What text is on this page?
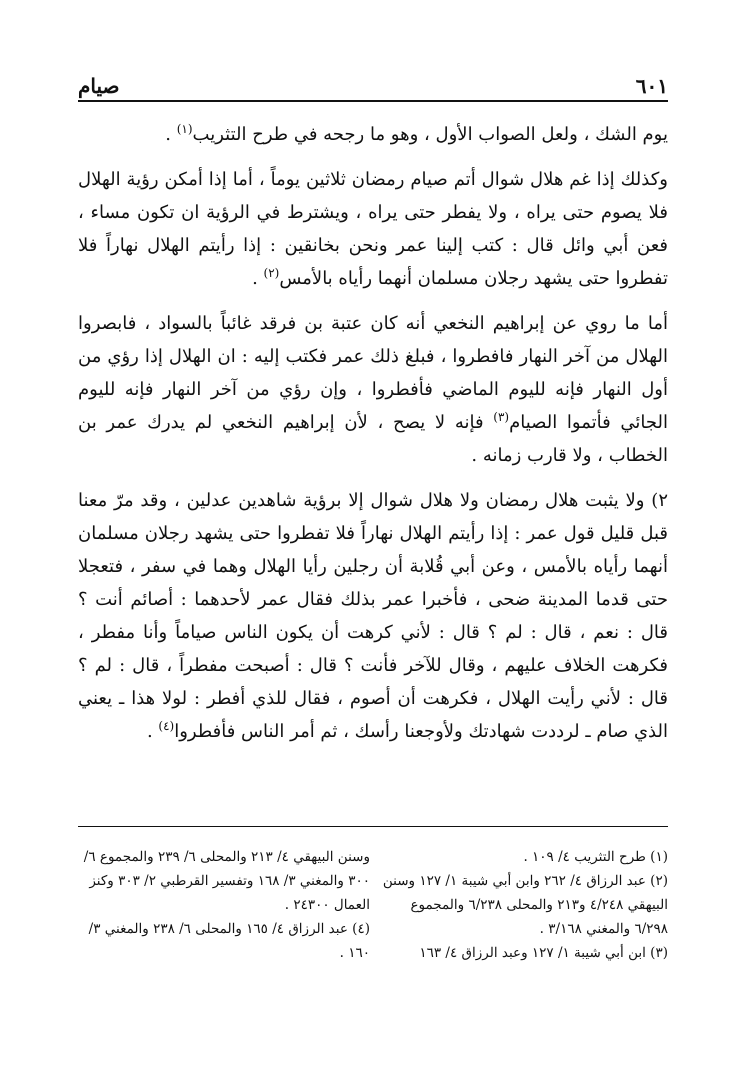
صيام	٦٠١

يوم الشك ، ولعل الصواب الأول ، وهو ما رجحه في طرح التثريب$^{(١)}$ .

وكذلك إذا غم هلال شوال أتم صيام رمضان ثلاثين يوماً ، أما إذا أمكن رؤية الهلال فلا يصوم حتى يراه ، ولا يفطر حتى يراه ، ويشترط في الرؤية ان تكون مساء ، فعن أبي وائل قال : كتب إلينا عمر ونحن بخانقين : إذا رأيتم الهلال نهاراً فلا تفطروا حتى يشهد رجلان مسلمان أنهما رأياه بالأمس$^{(٢)}$ .

أما ما روي عن إبراهيم النخعي أنه كان عتبة بن فرقد غائباً بالسواد ، فابصروا الهلال من آخر النهار فافطروا ، فبلغ ذلك عمر فكتب إليه : ان الهلال إذا رؤي من أول النهار فإنه لليوم الماضي فأفطروا ، وإن رؤي من آخر النهار فإنه لليوم الجائي فأتموا الصيام$^{(٣)}$ فإنه لا يصح ، لأن إبراهيم النخعي لم يدرك عمر بن الخطاب ، ولا قارب زمانه .

٢) ولا يثبت هلال رمضان ولا هلال شوال إلا برؤية شاهدين عدلين ، وقد مرّ معنا قبل قليل قول عمر : إذا رأيتم الهلال نهاراً فلا تفطروا حتى يشهد رجلان مسلمان أنهما رأياه بالأمس ، وعن أبي قُلابة أن رجلين رأيا الهلال وهما في سفر ، فتعجلا حتى قدما المدينة ضحى ، فأخبرا عمر بذلك فقال عمر لأحدهما : أصائم أنت ؟ قال : نعم ، قال : لم ؟ قال : لأني كرهت أن يكون الناس صياماً وأنا مفطر ، فكرهت الخلاف عليهم ، وقال للآخر فأنت ؟ قال : أصبحت مفطراً ، قال : لم ؟ قال : لأني رأيت الهلال ، فكرهت أن أصوم ، فقال للذي أفطر : لولا هذا ـ يعني الذي صام ـ لرددت شهادتك ولأوجعنا رأسك ، ثم أمر الناس فأفطروا$^{(٤)}$ .

(١) طرح التثريب ٤/ ١٠٩ .
(٢) عبد الرزاق ٤/ ٢٦٢ وابن أبي شيبة ١/ ١٢٧ وسنن البيهقي ٤/٢٤٨ و٢١٣ والمحلى ٦/٢٣٨ والمجموع ٦/٢٩٨ والمغني ٣/١٦٨ .
(٣) ابن أبي شيبة ١/ ١٢٧ وعبد الرزاق ٤/ ١٦٣
وسنن البيهقي ٤/ ٢١٣ والمحلى ٦/ ٢٣٩ والمجموع ٦/ ٣٠٠ والمغني ٣/ ١٦٨ وتفسير القرطبي ٢/ ٣٠٣ وكنز العمال ٢٤٣٠٠ .
(٤) عبد الرزاق ٤/ ١٦٥ والمحلى ٦/ ٢٣٨ والمغني ٣/ ١٦٠ .
